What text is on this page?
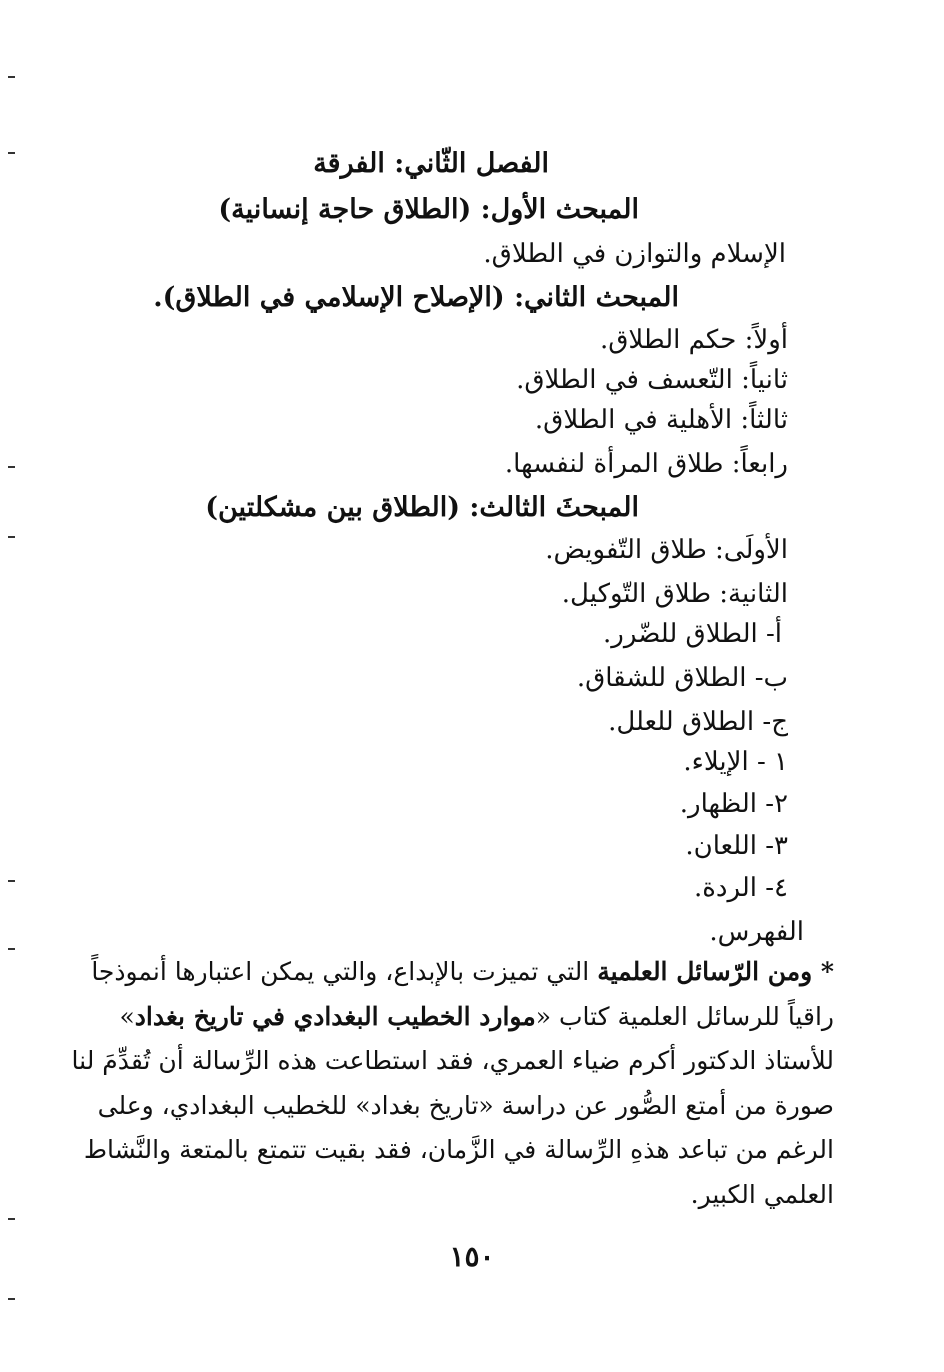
الفصل الثّاني: الفرقة
المبحث الأول: (الطلاق حاجة إنسانية)
الإسلام والتوازن في الطلاق.
المبحث الثاني: (الإصلاح الإسلامي في الطلاق).
أولاً: حكم الطلاق.
ثانياً: التّعسف في الطلاق.
ثالثاً: الأهلية في الطلاق.
رابعاً: طلاق المرأة لنفسها.
المبحثَ الثالث: (الطلاق بين مشكلتين)
الأولَى: طلاق التّفويض.
الثانية: طلاق التّوكيل.
أ- الطلاق للضّرر.
ب- الطلاق للشقاق.
ج- الطلاق للعلل.
١ - الإيلاء.
٢- الظهار.
٣- اللعان.
٤- الردة.
الفهرس.
* ومن الرّسائل العلمية التي تميزت بالإبداع، والتي يمكن اعتبارها أنموذجاً
راقياً للرسائل العلمية كتاب «موارد الخطيب البغدادي في تاريخ بغداد»
للأستاذ الدكتور أكرم ضياء العمري، فقد استطاعت هذه الرِّسالة أن تُقدِّمَ لنا
صورة من أمتع الصُّور عن دراسة «تاريخ بغداد» للخطيب البغدادي، وعلى
الرغم من تباعد هذهِ الرِّسالة في الزَّمان، فقد بقيت تتمتع بالمتعة والنَّشاط
العلمي الكبير.
١٥٠
